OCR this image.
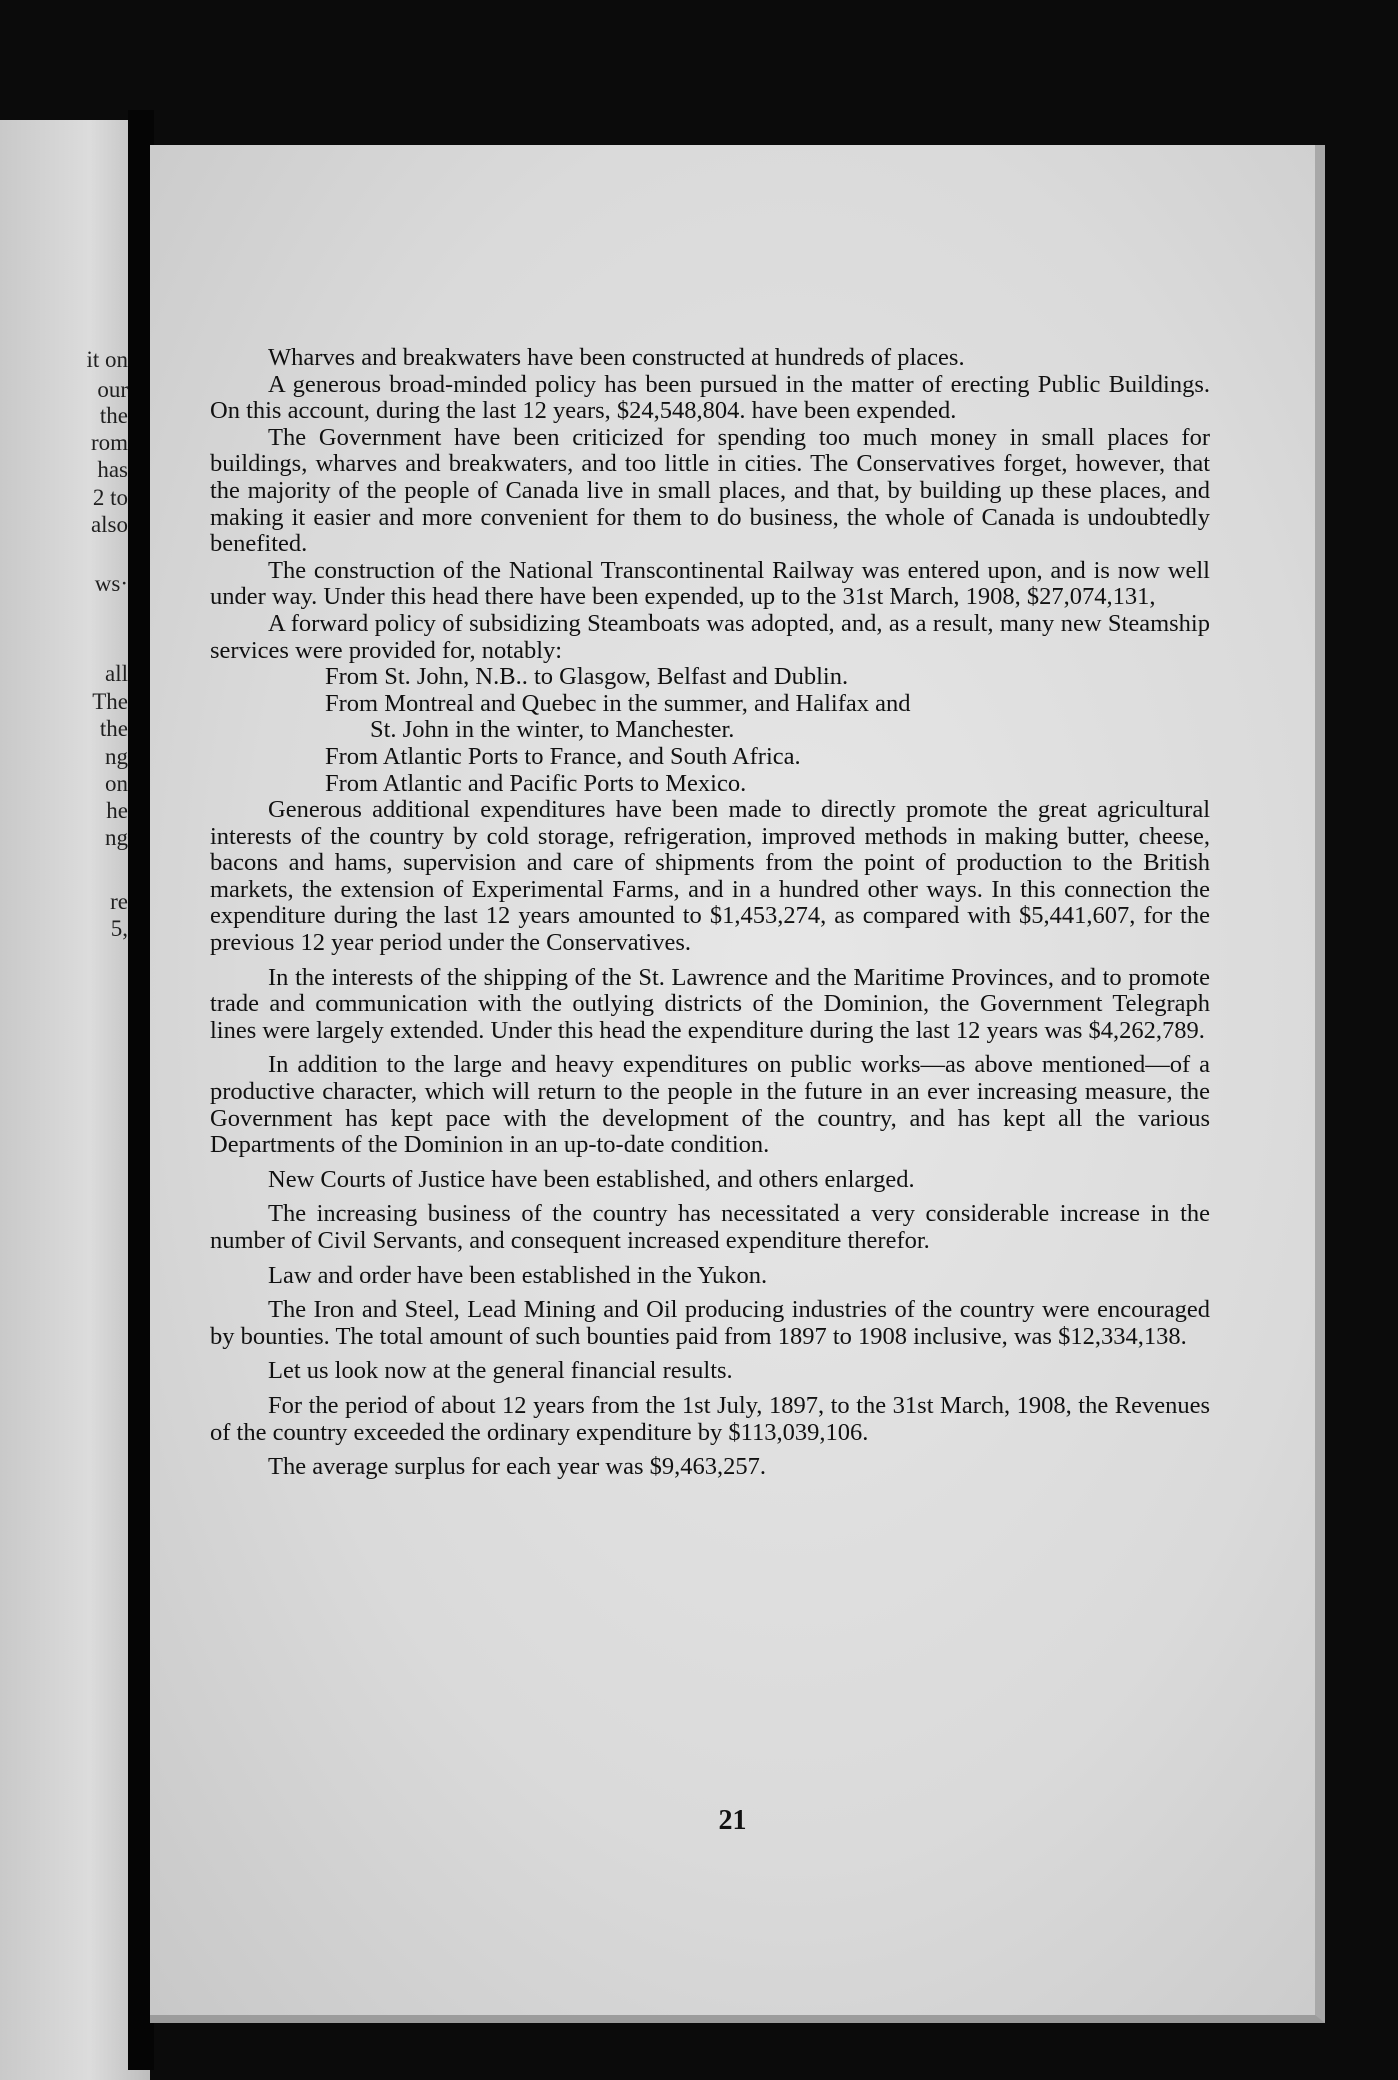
it on

our

the

rom

has

2 to

also

ws·

all

The

the

ng

on

he

ng

re

5,

Wharves and breakwaters have been constructed at hundreds of places.

A generous broad-minded policy has been pursued in the matter of erecting Public Buildings. On this account, during the last 12 years, $24,548,804. have been expended.

The Government have been criticized for spending too much money in small places for buildings, wharves and breakwaters, and too little in cities. The Conservatives forget, however, that the majority of the people of Canada live in small places, and that, by building up these places, and making it easier and more convenient for them to do business, the whole of Canada is undoubtedly benefited.

The construction of the National Transcontinental Railway was entered upon, and is now well under way. Under this head there have been expended, up to the 31st March, 1908, $27,074,131,

A forward policy of subsidizing Steamboats was adopted, and, as a result, many new Steamship services were provided for, notably:

From St. John, N.B.. to Glasgow, Belfast and Dublin.

From Montreal and Quebec in the summer, and Halifax and

St. John in the winter, to Manchester.

From Atlantic Ports to France, and South Africa.

From Atlantic and Pacific Ports to Mexico.

Generous additional expenditures have been made to directly promote the great agricultural interests of the country by cold storage, refrigeration, improved methods in making butter, cheese, bacons and hams, supervision and care of shipments from the point of production to the British markets, the extension of Experimental Farms, and in a hundred other ways. In this connection the expenditure during the last 12 years amounted to $1,453,274, as compared with $5,441,607, for the previous 12 year period under the Conservatives.

In the interests of the shipping of the St. Lawrence and the Maritime Provinces, and to promote trade and communication with the outlying districts of the Dominion, the Government Telegraph lines were largely extended. Under this head the expenditure during the last 12 years was $4,262,789.

In addition to the large and heavy expenditures on public works—as above mentioned—of a productive character, which will return to the people in the future in an ever increasing measure, the Government has kept pace with the development of the country, and has kept all the various Departments of the Dominion in an up-to-date condition.

New Courts of Justice have been established, and others enlarged.

The increasing business of the country has necessitated a very considerable increase in the number of Civil Servants, and consequent increased expenditure therefor.

Law and order have been established in the Yukon.

The Iron and Steel, Lead Mining and Oil producing industries of the country were encouraged by bounties. The total amount of such bounties paid from 1897 to 1908 inclusive, was $12,334,138.

Let us look now at the general financial results.

For the period of about 12 years from the 1st July, 1897, to the 31st March, 1908, the Revenues of the country exceeded the ordinary expenditure by $113,039,106.

The average surplus for each year was $9,463,257.

21
